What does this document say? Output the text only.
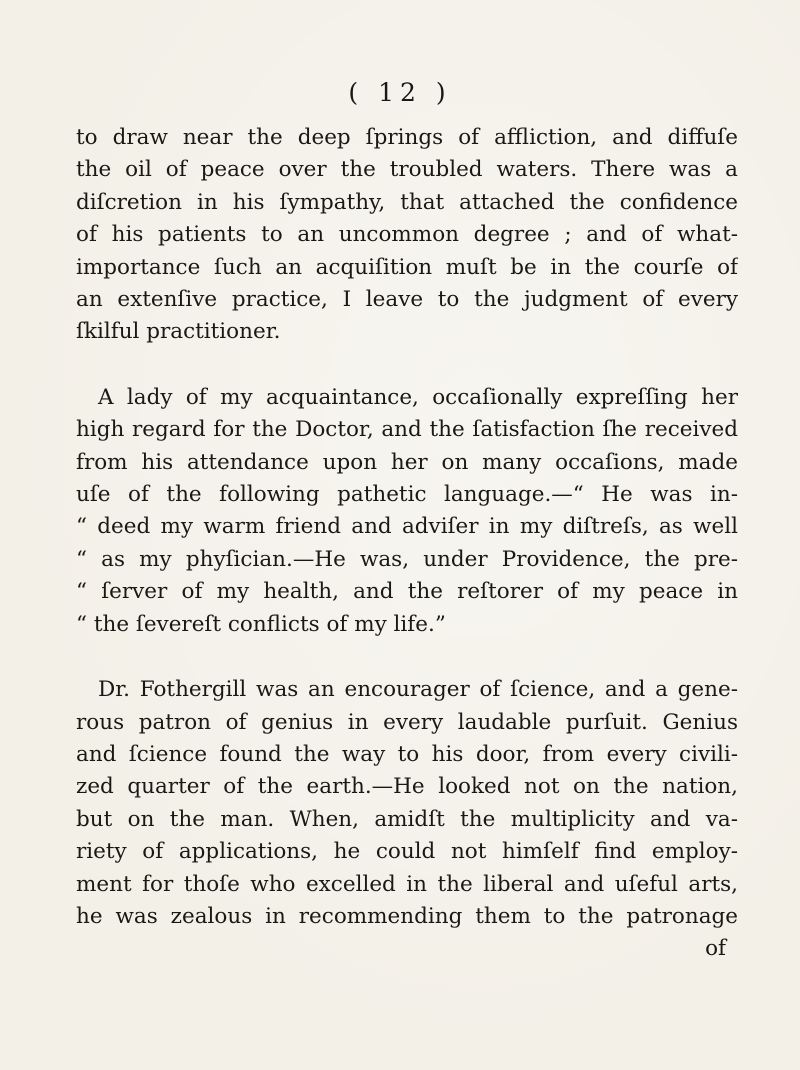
( 12 )

to draw near the deep ſprings of affliction, and diffuſe
the oil of peace over the troubled waters. There was a
diſcretion in his ſympathy, that attached the confidence
of his patients to an uncommon degree ; and of what-
importance ſuch an acquiſition muſt be in the courſe of
an extenſive practice, I leave to the judgment of every
ſkilful practitioner.

A lady of my acquaintance, occaſionally expreſſing her
high regard for the Doctor, and the ſatisfaction ſhe received
from his attendance upon her on many occaſions, made
uſe of the following pathetic language.—“ He was in-
“ deed my warm friend and adviſer in my diſtreſs, as well
“ as my phyſician.—He was, under Providence, the pre-
“ ſerver of my health, and the reſtorer of my peace in
“ the ſevereſt conflicts of my life.”

Dr. Fothergill was an encourager of ſcience, and a gene-
rous patron of genius in every laudable purſuit. Genius
and ſcience found the way to his door, from every civili-
zed quarter of the earth.—He looked not on the nation,
but on the man. When, amidſt the multiplicity and va-
riety of applications, he could not himſelf find employ-
ment for thoſe who excelled in the liberal and uſeful arts,
he was zealous in recommending them to the patronage
of
